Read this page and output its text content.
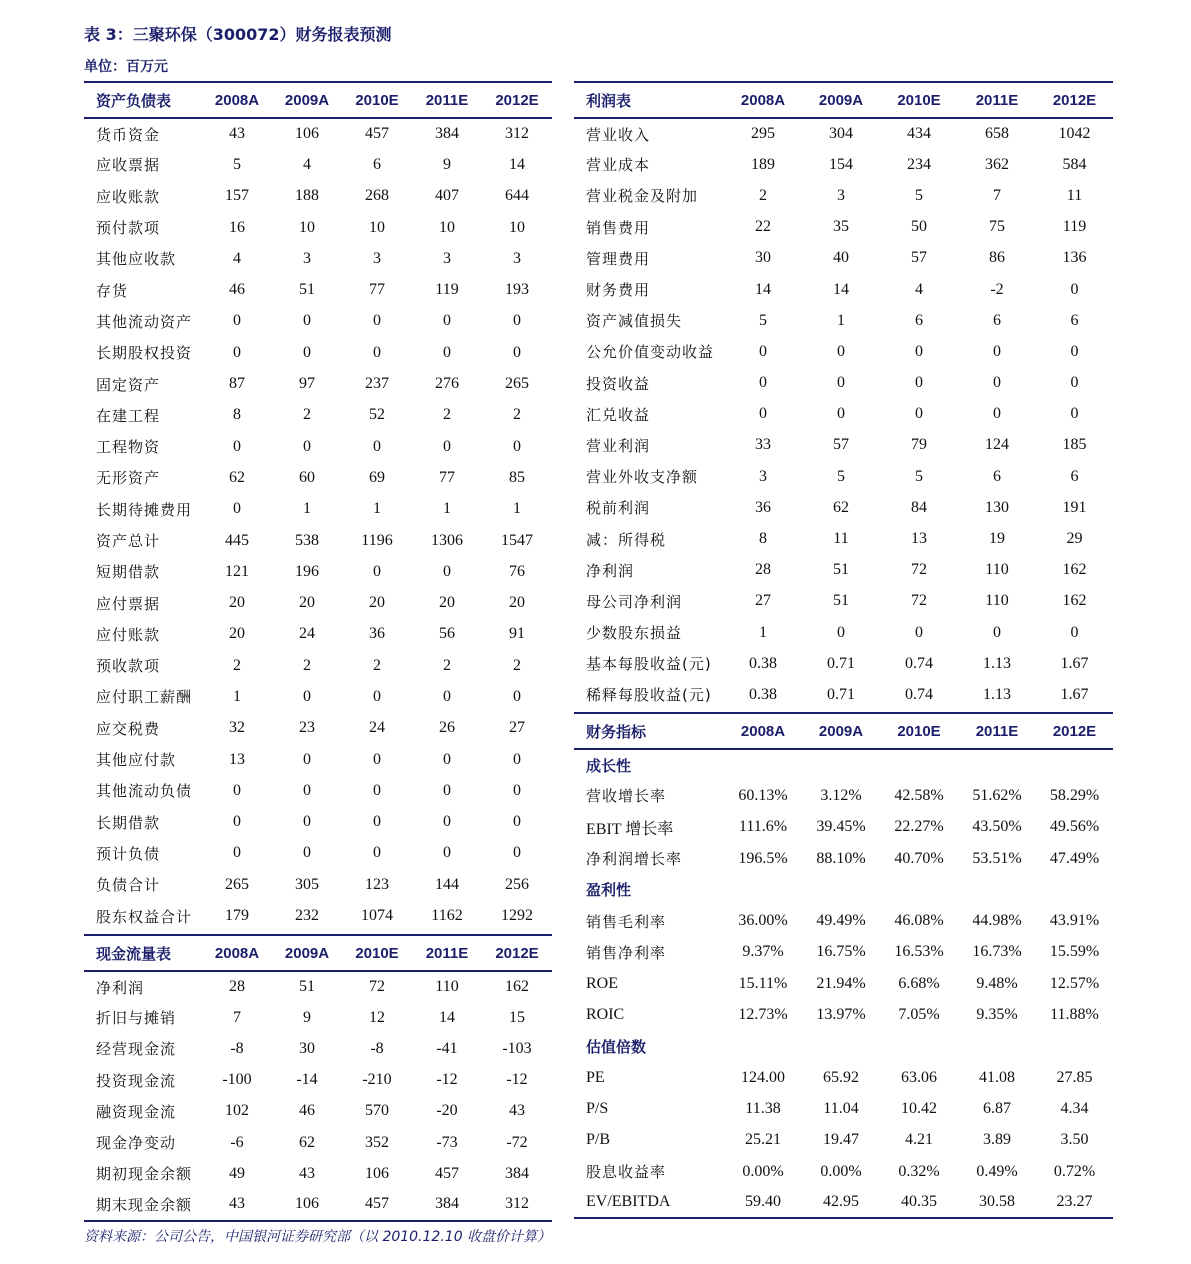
表 3：三聚环保（300072）财务报表预测
单位：百万元
资产负债表	2008A	2009A	2010E	2011E	2012E
货币资金	43	106	457	384	312
应收票据	5	4	6	9	14
应收账款	157	188	268	407	644
预付款项	16	10	10	10	10
其他应收款	4	3	3	3	3
存货	46	51	77	119	193
其他流动资产	0	0	0	0	0
长期股权投资	0	0	0	0	0
固定资产	87	97	237	276	265
在建工程	8	2	52	2	2
工程物资	0	0	0	0	0
无形资产	62	60	69	77	85
长期待摊费用	0	1	1	1	1
资产总计	445	538	1196	1306	1547
短期借款	121	196	0	0	76
应付票据	20	20	20	20	20
应付账款	20	24	36	56	91
预收款项	2	2	2	2	2
应付职工薪酬	1	0	0	0	0
应交税费	32	23	24	26	27
其他应付款	13	0	0	0	0
其他流动负债	0	0	0	0	0
长期借款	0	0	0	0	0
预计负债	0	0	0	0	0
负债合计	265	305	123	144	256
股东权益合计	179	232	1074	1162	1292
现金流量表	2008A	2009A	2010E	2011E	2012E
净利润	28	51	72	110	162
折旧与摊销	7	9	12	14	15
经营现金流	-8	30	-8	-41	-103
投资现金流	-100	-14	-210	-12	-12
融资现金流	102	46	570	-20	43
现金净变动	-6	62	352	-73	-72
期初现金余额	49	43	106	457	384
期末现金余额	43	106	457	384	312
利润表	2008A	2009A	2010E	2011E	2012E
营业收入	295	304	434	658	1042
营业成本	189	154	234	362	584
营业税金及附加	2	3	5	7	11
销售费用	22	35	50	75	119
管理费用	30	40	57	86	136
财务费用	14	14	4	-2	0
资产减值损失	5	1	6	6	6
公允价值变动收益	0	0	0	0	0
投资收益	0	0	0	0	0
汇兑收益	0	0	0	0	0
营业利润	33	57	79	124	185
营业外收支净额	3	5	5	6	6
税前利润	36	62	84	130	191
减：所得税	8	11	13	19	29
净利润	28	51	72	110	162
母公司净利润	27	51	72	110	162
少数股东损益	1	0	0	0	0
基本每股收益(元)	0.38	0.71	0.74	1.13	1.67
稀释每股收益(元)	0.38	0.71	0.74	1.13	1.67
财务指标	2008A	2009A	2010E	2011E	2012E
成长性					
营收增长率	60.13%	3.12%	42.58%	51.62%	58.29%
EBIT 增长率	111.6%	39.45%	22.27%	43.50%	49.56%
净利润增长率	196.5%	88.10%	40.70%	53.51%	47.49%
盈利性					
销售毛利率	36.00%	49.49%	46.08%	44.98%	43.91%
销售净利率	9.37%	16.75%	16.53%	16.73%	15.59%
ROE	15.11%	21.94%	6.68%	9.48%	12.57%
ROIC	12.73%	13.97%	7.05%	9.35%	11.88%
估值倍数					
PE	124.00	65.92	63.06	41.08	27.85
P/S	11.38	11.04	10.42	6.87	4.34
P/B	25.21	19.47	4.21	3.89	3.50
股息收益率	0.00%	0.00%	0.32%	0.49%	0.72%
EV/EBITDA	59.40	42.95	40.35	30.58	23.27
资料来源：公司公告，中国银河证券研究部（以 2010.12.10 收盘价计算）
